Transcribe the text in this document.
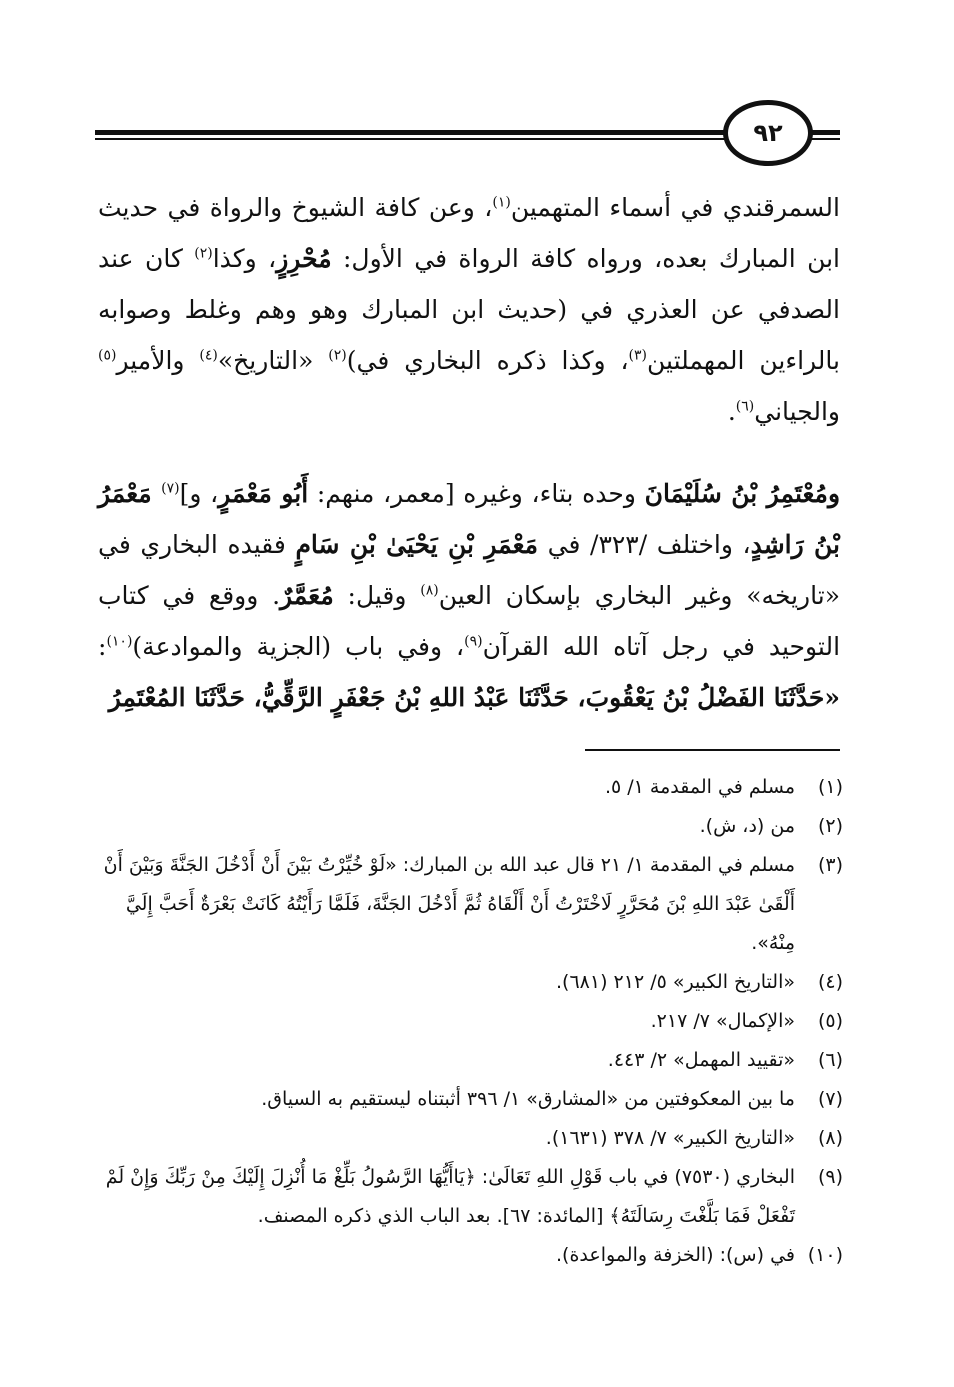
٩٢

السمرقندي في أسماء المتهمين$^{(١)}$، وعن كافة الشيوخ والرواة في حديث ابن المبارك بعده، ورواه كافة الرواة في الأول: مُحْرِزٍ، وكذا$^{(٢)}$ كان عند الصدفي عن العذري في (حديث ابن المبارك وهو وهم وغلط وصوابه بالراءين المهملتين$^{(٣)}$، وكذا ذكره البخاري في)$^{(٢)}$ «التاريخ»$^{(٤)}$ والأمير$^{(٥)}$ والجياني$^{(٦)}$.

ومُعْتَمِرُ بْنُ سُلَيْمَانَ وحده بتاء، وغيره [معمر، منهم: أَبُو مَعْمَرٍ، و]$^{(٧)}$ مَعْمَرُ بْنُ رَاشِدٍ، واختلف /٣٢٣/ في مَعْمَرِ بْنِ يَحْيَىٰ بْنِ سَامٍ فقيده البخاري في «تاريخه» وغير البخاري بإسكان العين$^{(٨)}$ وقيل: مُعَمَّرٌ. ووقع في كتاب التوحيد في رجل آتاه الله القرآن$^{(٩)}$، وفي باب (الجزية والموادعة)$^{(١٠)}$: «حَدَّثَنَا الفَضْلُ بْنُ يَعْقُوبَ، حَدَّثَنَا عَبْدُ اللهِ بْنُ جَعْفَرٍ الرَّقِّيُّ، حَدَّثَنَا المُعْتَمِرُ

(١)
مسلم في المقدمة ١/ ٥.
(٢)
من (د، ش).
(٣)
مسلم في المقدمة ١/ ٢١ قال عبد الله بن المبارك: «لَوْ خُيِّرْتُ بَيْنَ أَنْ أَدْخُلَ الجَنَّةَ وَبَيْنَ أَنْ أَلْقَىٰ عَبْدَ اللهِ بْنَ مُحَرَّرٍ لَاخْتَرْتُ أَنْ أَلْقَاهُ ثُمَّ أَدْخُلَ الجَنَّةَ، فَلَمَّا رَأَيْتُهُ كَانَتْ بَعْرَةٌ أَحَبَّ إِلَيَّ مِنْهُ».
(٤)
«التاريخ الكبير» ٥/ ٢١٢ (٦٨١).
(٥)
«الإكمال» ٧/ ٢١٧.
(٦)
«تقييد المهمل» ٢/ ٤٤٣.
(٧)
ما بين المعكوفتين من «المشارق» ١/ ٣٩٦ أثبتناه ليستقيم به السياق.
(٨)
«التاريخ الكبير» ٧/ ٣٧٨ (١٦٣١).
(٩)
البخاري (٧٥٣٠) في باب قَوْلِ اللهِ تَعَالَىٰ: ﴿يَاأَيُّهَا الرَّسُولُ بَلِّغْ مَا أُنْزِلَ إِلَيْكَ مِنْ رَبِّكَ وَإِنْ لَمْ تَفْعَلْ فَمَا بَلَّغْتَ رِسَالَتَهُ﴾ [المائدة: ٦٧]. بعد الباب الذي ذكره المصنف.
(١٠)
في (س): (الخزفة والمواعدة).
